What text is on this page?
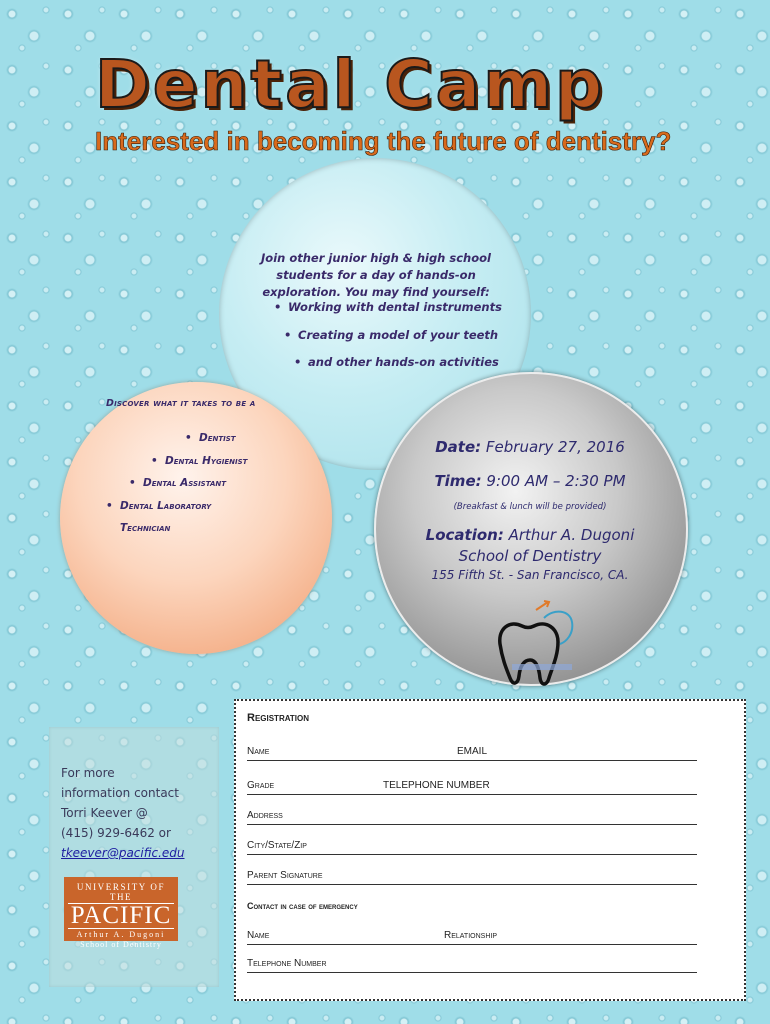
Dental Camp
Interested in becoming the future of dentistry?

Join other junior high & high school students for a day of hands-on exploration. You may find yourself:

• Working with dental instruments
• Creating a model of your teeth
• and other hands-on activities

Discover what it takes to be a

• Dentist
• Dental Hygienist
• Dental Assistant
• Dental Laboratory
Technician
Date: February 27, 2016
Time: 9:00 AM – 2:30 PM
(Breakfast & lunch will be provided)
Location: Arthur A. Dugoni
School of Dentistry
155 Fifth St. - San Francisco, CA.
For more
information contact
Torri Keever @
(415) 929-6462 or
tkeever@pacific.edu
UNIVERSITY OF THE
PACIFIC
Arthur A. Dugoni
School of Dentistry

Registration

Name	EMAIL
Grade	TELEPHONE NUMBER
Address
City/State/Zip
Parent Signature

Contact in case of emergency

Name	Relationship
Telephone Number
